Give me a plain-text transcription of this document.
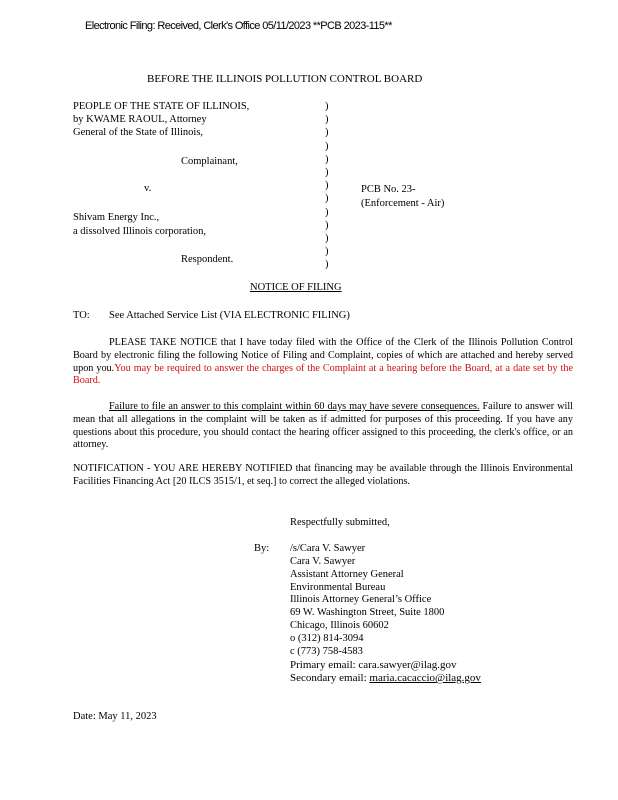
Electronic Filing: Received, Clerk's Office 05/11/2023 **PCB 2023-115**
BEFORE THE ILLINOIS POLLUTION CONTROL BOARD
PEOPLE OF THE STATE OF ILLINOIS,
by KWAME RAOUL, Attorney
General of the State of Illinois,
Complainant,
v.
Shivam Energy Inc.,
a dissolved Illinois corporation,
Respondent.
)
)
)
)
)
)
)
)
)
)
)
)
)
PCB No. 23-
(Enforcement - Air)
NOTICE OF FILING
TO: See Attached Service List (VIA ELECTRONIC FILING)
PLEASE TAKE NOTICE that I have today filed with the Office of the Clerk of the Illinois Pollution Control Board by electronic filing the following Notice of Filing and Complaint, copies of which are attached and hereby served upon you.You may be required to answer the charges of the Complaint at a hearing before the Board, at a date set by the Board.
Failure to file an answer to this complaint within 60 days may have severe consequences. Failure to answer will mean that all allegations in the complaint will be taken as if admitted for purposes of this proceeding. If you have any questions about this procedure, you should contact the hearing officer assigned to this proceeding, the clerk's office, or an attorney.
NOTIFICATION - YOU ARE HEREBY NOTIFIED that financing may be available through the Illinois Environmental Facilities Financing Act [20 ILCS 3515/1, et seq.] to correct the alleged violations.
Respectfully submitted,
By: /s/Cara V. Sawyer
Cara V. Sawyer
Assistant Attorney General
Environmental Bureau
Illinois Attorney General’s Office
69 W. Washington Street, Suite 1800
Chicago, Illinois 60602
o (312) 814-3094
c (773) 758-4583
Primary email: cara.sawyer@ilag.gov
Secondary email: maria.cacaccio@ilag.gov
Date: May 11, 2023
